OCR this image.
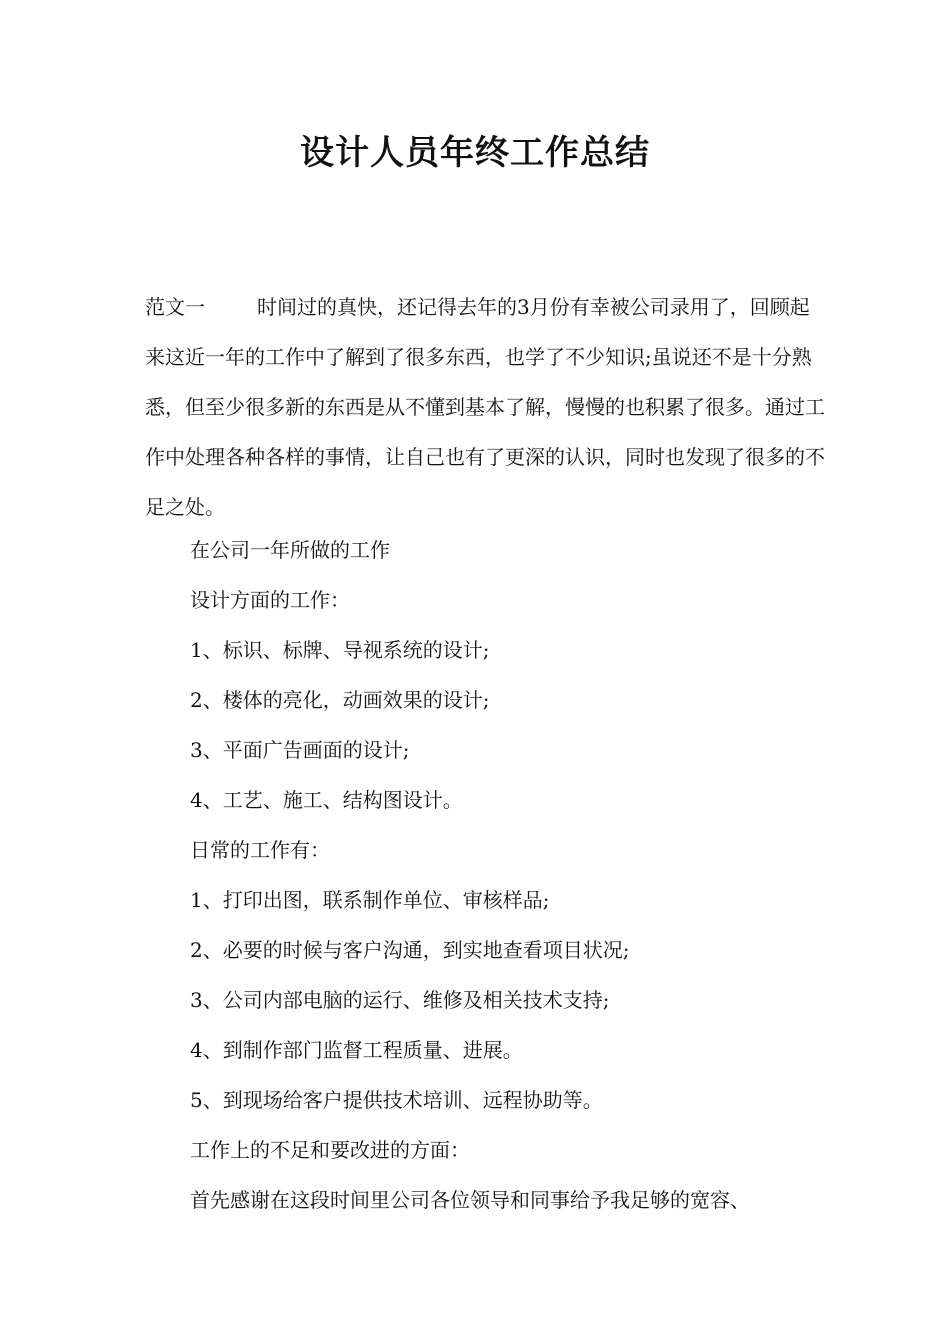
设计人员年终工作总结

范文一	时间过的真快，还记得去年的3月份有幸被公司录用了，回顾起来这近一年的工作中了解到了很多东西，也学了不少知识;虽说还不是十分熟悉，但至少很多新的东西是从不懂到基本了解，慢慢的也积累了很多。通过工作中处理各种各样的事情，让自己也有了更深的认识，同时也发现了很多的不足之处。

在公司一年所做的工作

设计方面的工作：

1、标识、标牌、导视系统的设计;

2、楼体的亮化，动画效果的设计;

3、平面广告画面的设计;

4、工艺、施工、结构图设计。

日常的工作有：

1、打印出图，联系制作单位、审核样品;

2、必要的时候与客户沟通，到实地查看项目状况;

3、公司内部电脑的运行、维修及相关技术支持;

4、到制作部门监督工程质量、进展。

5、到现场给客户提供技术培训、远程协助等。

工作上的不足和要改进的方面：

首先感谢在这段时间里公司各位领导和同事给予我足够的宽容、
